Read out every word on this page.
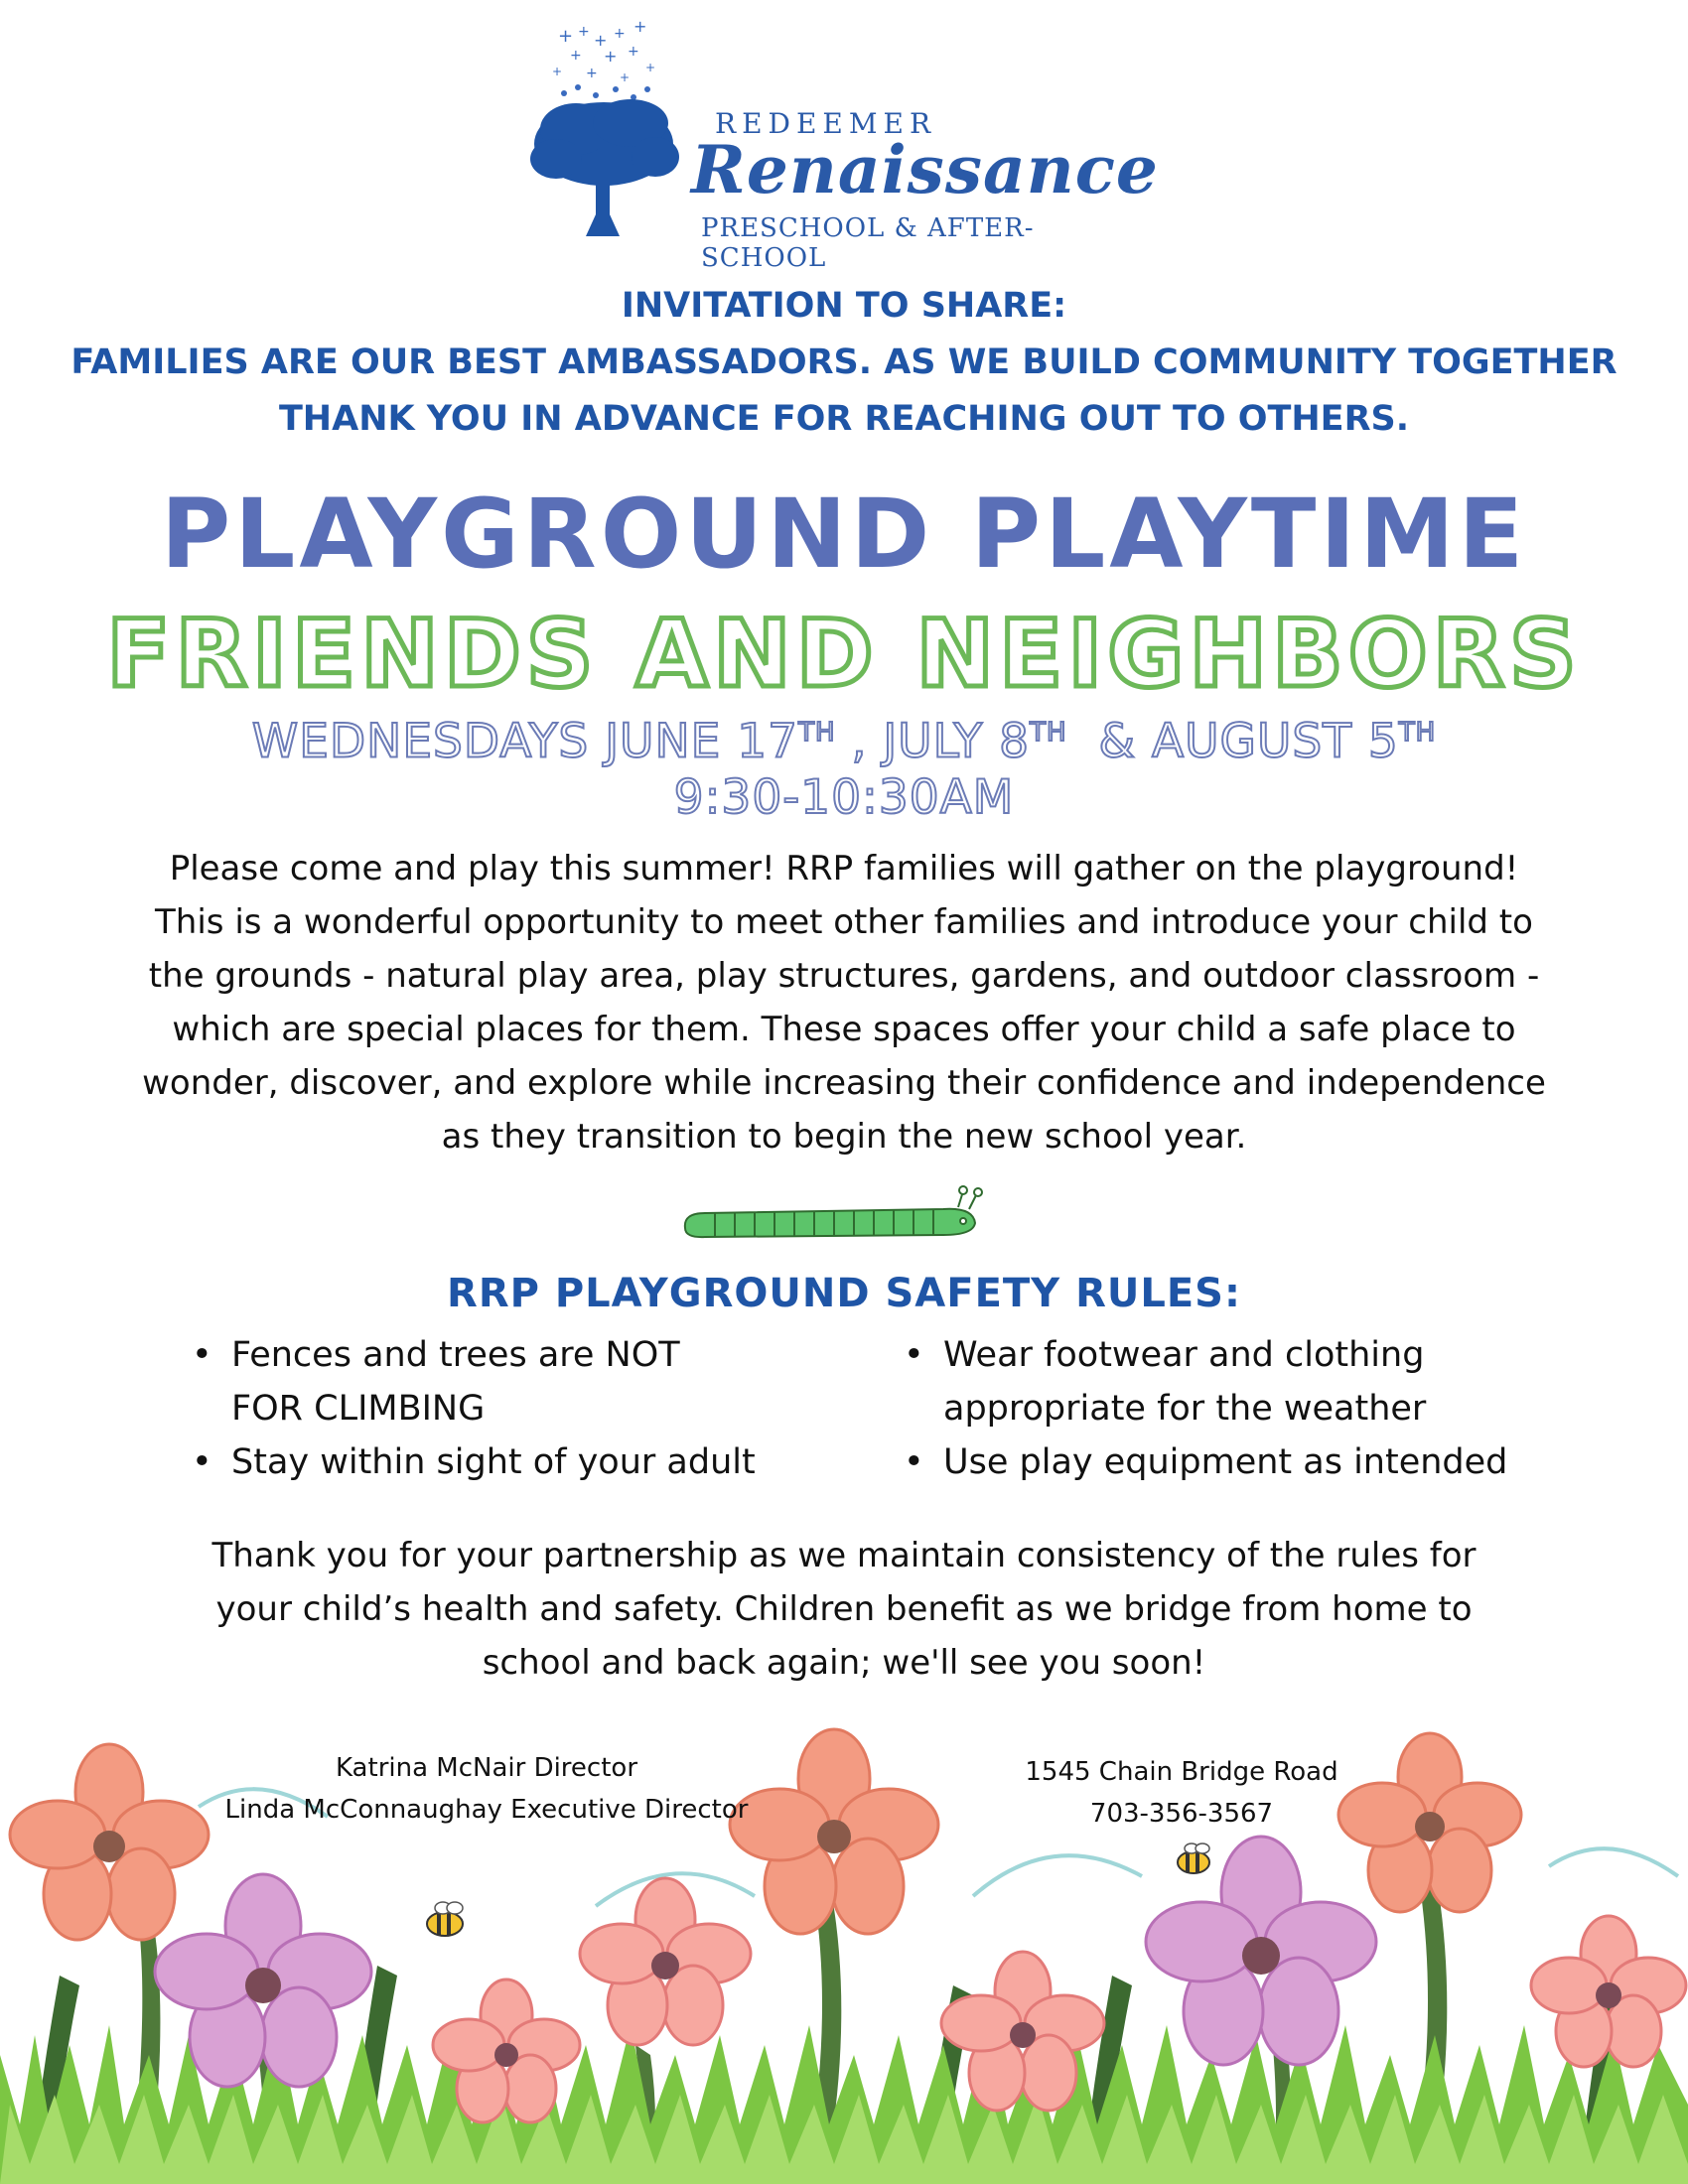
+ + + + +
+ + +
+ +	+
+
REDEEMER
Renaissance
PRESCHOOL & AFTER-SCHOOL
INVITATION TO SHARE:
FAMILIES ARE OUR BEST AMBASSADORS. AS WE BUILD COMMUNITY TOGETHER
THANK YOU IN ADVANCE FOR REACHING OUT TO OTHERS.
PLAYGROUND PLAYTIME
FRIENDS AND NEIGHBORS
WEDNESDAYS JUNE 17TH , JULY 8TH  & AUGUST 5TH
9:30-10:30AM
Please come and play this summer! RRP families will gather on the playground!
This is a wonderful opportunity to meet other families and introduce your child to
the grounds - natural play area, play structures, gardens, and outdoor classroom -
which are special places for them. These spaces offer your child a safe place to
wonder, discover, and explore while increasing their confidence and independence
as they transition to begin the new school year.
RRP PLAYGROUND SAFETY RULES:
• Fences and trees are NOT
FOR CLIMBING
• Stay within sight of your adult
• Wear footwear and clothing
appropriate for the weather
• Use play equipment as intended
Thank you for your partnership as we maintain consistency of the rules for
your child’s health and safety. Children benefit as we bridge from home to
school and back again; we'll see you soon!
Katrina McNair Director
Linda McConnaughay Executive Director
1545 Chain Bridge Road
703-356-3567
